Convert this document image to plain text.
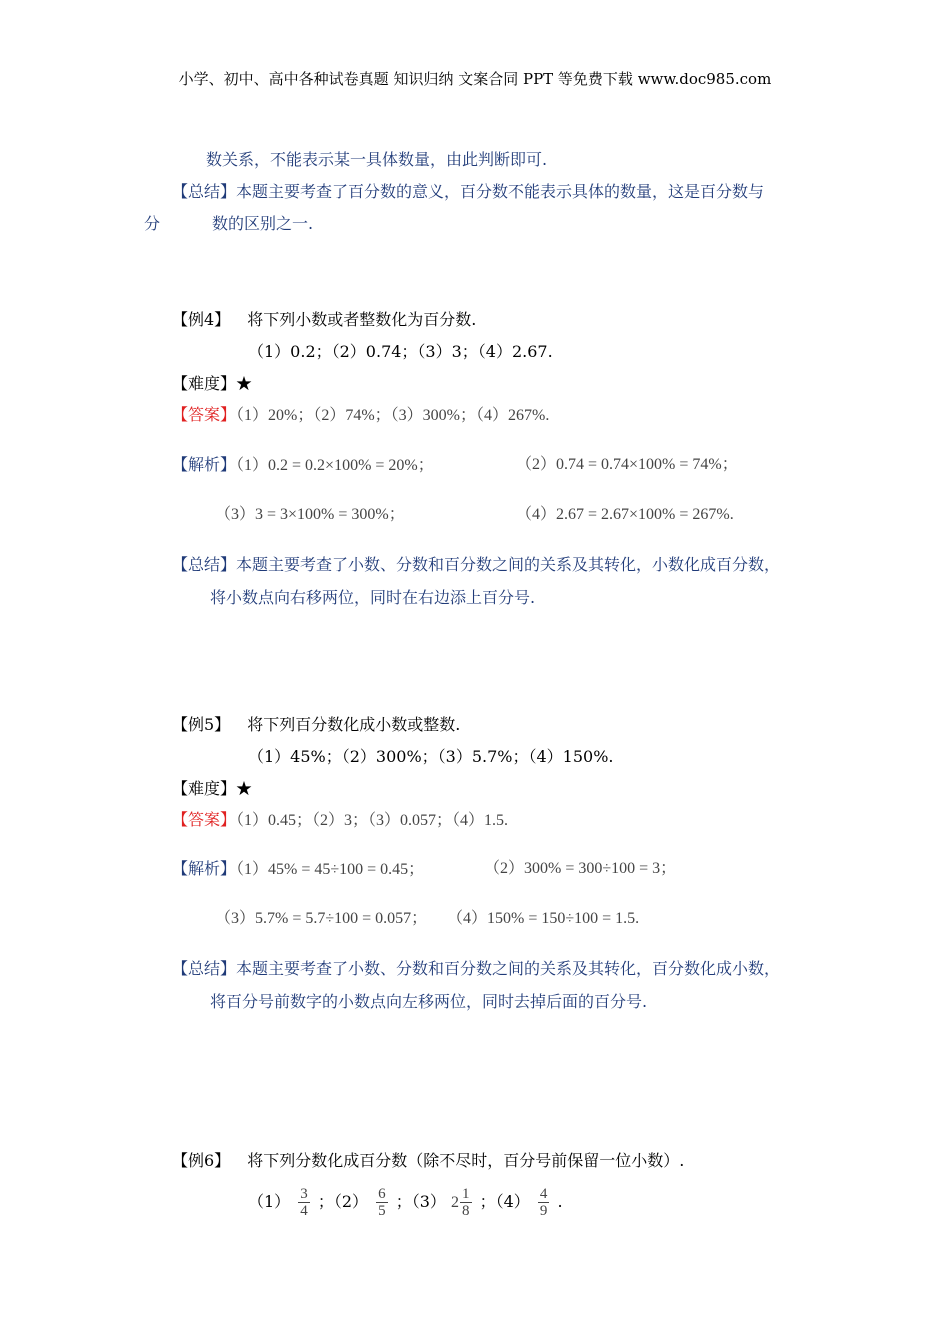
小学、初中、高中各种试卷真题 知识归纳 文案合同 PPT 等免费下载 www.doc985.com
数关系，不能表示某一具体数量，由此判断即可.
【总结】本题主要考查了百分数的意义，百分数不能表示具体的数量，这是百分数与
分	数的区别之一.
【例4】 将下列小数或者整数化为百分数.
（1）0.2；（2）0.74；（3）3；（4）2.67.
【难度】★
【答案】（1）20%；（2）74%；（3）300%；（4）267%.
【解析】（1）0.2 = 0.2×100% = 20%；	（2）0.74 = 0.74×100% = 74%；
（3）3 = 3×100% = 300%；	（4）2.67 = 2.67×100% = 267%.
【总结】本题主要考查了小数、分数和百分数之间的关系及其转化，小数化成百分数，
将小数点向右移两位，同时在右边添上百分号.
【例5】 将下列百分数化成小数或整数.
（1）45%；（2）300%；（3）5.7%；（4）150%.
【难度】★
【答案】（1）0.45；（2）3；（3）0.057；（4）1.5.
【解析】（1）45% = 45÷100 = 0.45；	（2）300% = 300÷100 = 3；
（3）5.7% = 5.7÷100 = 0.057； （4）150% = 150÷100 = 1.5.
【总结】本题主要考查了小数、分数和百分数之间的关系及其转化，百分数化成小数，
将百分号前数字的小数点向左移两位，同时去掉后面的百分号.
【例6】 将下列分数化成百分数（除不尽时，百分号前保留一位小数）.
$(1) \frac{3}{4}$ ；$(2) \frac{6}{5}$ ；（3） $2 \frac{1}{8}$ ；$(4) \frac{4}{9}$ .
